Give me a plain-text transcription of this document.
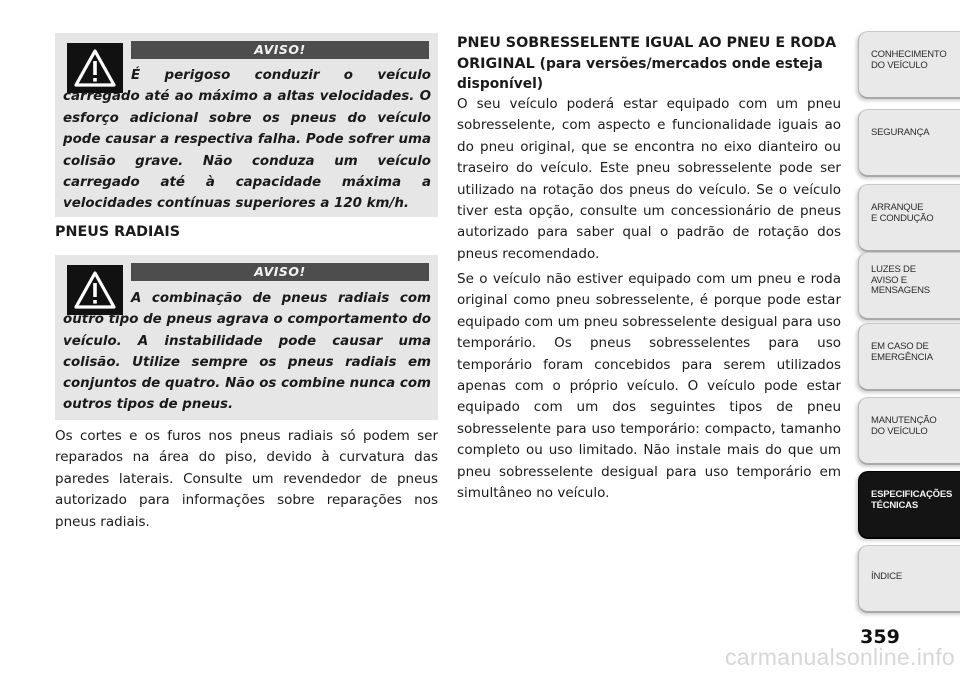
AVISO!

É perigoso conduzir o veículo carregado até ao máximo a altas velocidades. O esforço adicional sobre os pneus do veículo pode causar a respectiva falha. Pode sofrer uma colisão grave. Não conduza um veículo carregado até à capacidade máxima a velocidades contínuas superiores a 120 km/h.

PNEUS RADIAIS
AVISO!

A combinação de pneus radiais com outro tipo de pneus agrava o comportamento do veículo. A instabilidade pode causar uma colisão. Utilize sempre os pneus radiais em conjuntos de quatro. Não os combine nunca com outros tipos de pneus.

Os cortes e os furos nos pneus radiais só podem ser reparados na área do piso, devido à curvatura das paredes laterais. Consulte um revendedor de pneus autorizado para informações sobre reparações nos pneus radiais.

PNEU SOBRESSELENTE IGUAL AO PNEU E RODA ORIGINAL (para versões/mercados onde esteja disponível)

O seu veículo poderá estar equipado com um pneu sobresselente, com aspecto e funcionalidade iguais ao do pneu original, que se encontra no eixo dianteiro ou traseiro do veículo. Este pneu sobresselente pode ser utilizado na rotação dos pneus do veículo. Se o veículo tiver esta opção, consulte um concessionário de pneus autorizado para saber qual o padrão de rotação dos pneus recomendado.

Se o veículo não estiver equipado com um pneu e roda original como pneu sobresselente, é porque pode estar equipado com um pneu sobresselente desigual para uso temporário. Os pneus sobresselentes para uso temporário foram concebidos para serem utilizados apenas com o próprio veículo. O veículo pode estar equipado com um dos seguintes tipos de pneu sobresselente para uso temporário: compacto, tamanho completo ou uso limitado. Não instale mais do que um pneu sobresselente desigual para uso temporário em simultâneo no veículo.

CONHECIMENTO
DO VEÍCULO
SEGURANÇA
ARRANQUE
E CONDUÇÃO
LUZES DE
AVISO E
MENSAGENS
EM CASO DE
EMERGÊNCIA
MANUTENÇÃO
DO VEÍCULO
ESPECIFICAÇÕES
TÉCNICAS
ÍNDICE
359
carmanualsonline.info
